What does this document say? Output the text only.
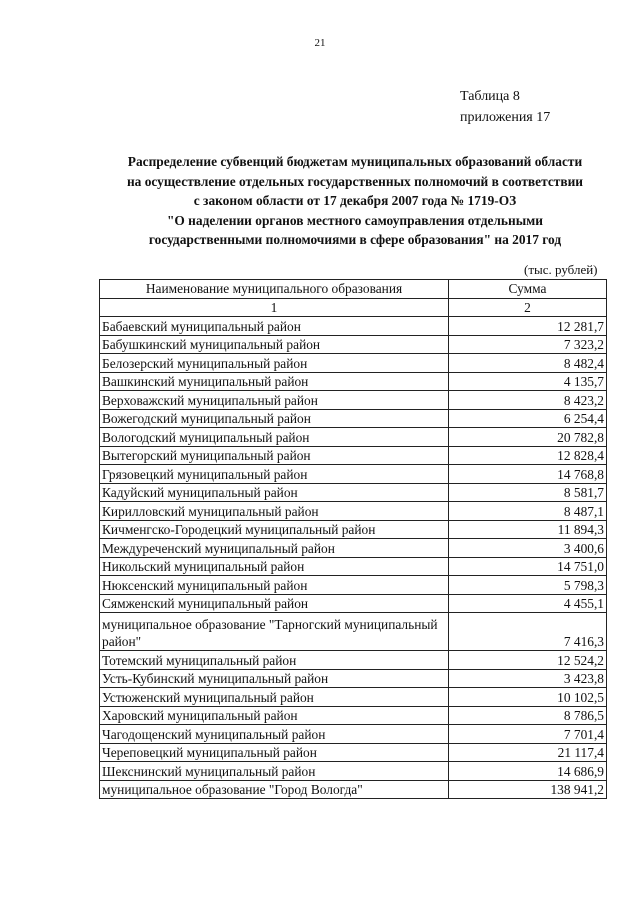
21
Таблица 8
приложения 17
Распределение субвенций бюджетам муниципальных образований области
на осуществление отдельных государственных полномочий в соответствии
с законом области от 17 декабря 2007 года № 1719-ОЗ
"О наделении органов местного самоуправления отдельными
государственными полномочиями в сфере образования" на 2017 год
(тыс. рублей)
Наименование муниципального образования	Сумма
1	2
Бабаевский муниципальный район	12 281,7
Бабушкинский муниципальный район	7 323,2
Белозерский муниципальный район	8 482,4
Вашкинский муниципальный район	4 135,7
Верховажский муниципальный район	8 423,2
Вожегодский муниципальный район	6 254,4
Вологодский муниципальный район	20 782,8
Вытегорский муниципальный район	12 828,4
Грязовецкий муниципальный район	14 768,8
Кадуйский муниципальный район	8 581,7
Кирилловский муниципальный район	8 487,1
Кичменгско-Городецкий муниципальный район	11 894,3
Междуреченский муниципальный район	3 400,6
Никольский муниципальный район	14 751,0
Нюксенский муниципальный район	5 798,3
Сямженский муниципальный район	4 455,1
муниципальное образование "Тарногский муниципальный район"	7 416,3
Тотемский муниципальный район	12 524,2
Усть-Кубинский муниципальный район	3 423,8
Устюженский муниципальный район	10 102,5
Харовский муниципальный район	8 786,5
Чагодощенский муниципальный район	7 701,4
Череповецкий муниципальный район	21 117,4
Шекснинский муниципальный район	14 686,9
муниципальное образование "Город Вологда"	138 941,2
